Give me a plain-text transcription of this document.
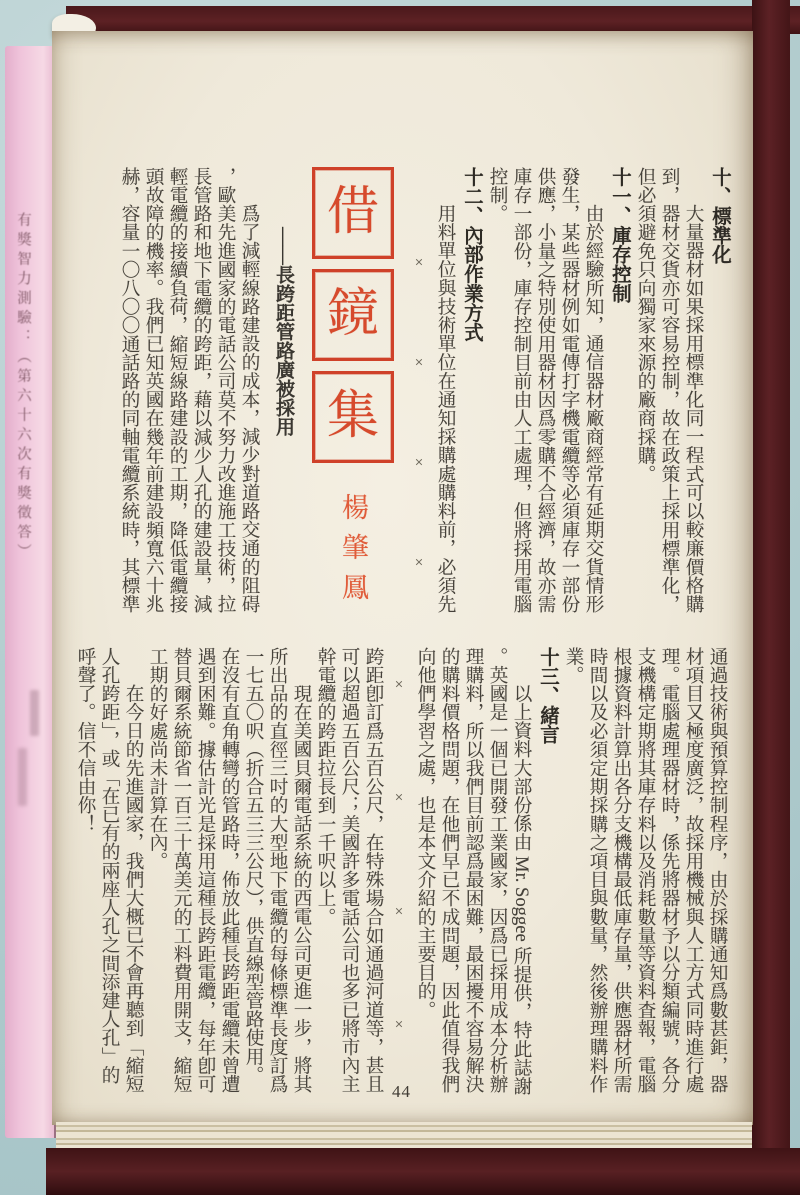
有獎智力測驗：（第六十六次有獎徵答）	十、標準化

大量器材如果採用標準化同一程式可以較廉價格購到，器材交貨亦可容易控制，故在政策上採用標準化，但必須避免只向獨家來源的廠商採購。

十一、庫存控制

由於經驗所知，通信器材廠商經常有延期交貨情形發生，某些器材例如電傳打字機電纜等必須庫存一部份供應，小量之特別使用器材因爲零購不合經濟，故亦需庫存一部份，庫存控制目前由人工處理，但將採用電腦控制。

十二、內部作業方式

用料單位與技術單位在通知採購處購料前，必須先

×
×
×
×
借
鏡
集
楊肇鳳
——長跨距管路廣被採用

爲了減輕線路建設的成本，減少對道路交通的阻碍，歐美先進國家的電話公司莫不努力改進施工技術，拉長管路和地下電纜的跨距，藉以減少人孔的建設量，減輕電纜的接續負荷，縮短線路建設的工期，降低電纜接頭故障的機率。我們已知英國在幾年前建設頻寬六十兆赫，容量一〇八〇〇通話路的同軸電纜系統時，其標準

通過技術與預算控制程序，由於採購通知爲數甚鉅，器材項目又極度廣泛，故採用機械與人工方式同時進行處理。電腦處理器材時，係先將器材予以分類編號，各分支機構定期將其庫存料以及消耗數量等資料査報，電腦根據資料計算出各分支機構最低庫存量，供應器材所需時間以及必須定期採購之項目與數量，然後辦理購料作業。

十三、緒言

以上資料大部份係由 Mr. Soggee 所提供，特此誌謝。英國是一個已開發工業國家，因爲已採用成本分析辦理購料，所以我們目前認爲最困難，最困擾不容易解決的購料價格問題，在他們早已不成問題，因此值得我們向他們學習之處，也是本文介紹的主要目的。

×
×
×
×

跨距卽訂爲五百公尺，在特殊場合如通過河道等，甚且可以超過五百公尺；美國許多電話公司也多已將市內主幹電纜的跨距拉長到一千呎以上。

現在美國貝爾電話系統的西電公司更進一步，將其所出品的直徑三吋的大型地下電纜的每條標準長度訂爲一七五〇呎（折合五三三公尺），供直線型管路使用。在沒有直角轉彎的管路時，佈放此種長跨距電纜未曾遭遇到困難。據估計光是採用這種長跨距電纜，每年卽可替貝爾系統節省一百三十萬美元的工料費用開支，縮短工期的好處尚未計算在內。

在今日的先進國家，我們大概已不會再聽到「縮短人孔跨距」，或「在已有的兩座人孔之間添建人孔」的呼聲了。信不信由你！

44
